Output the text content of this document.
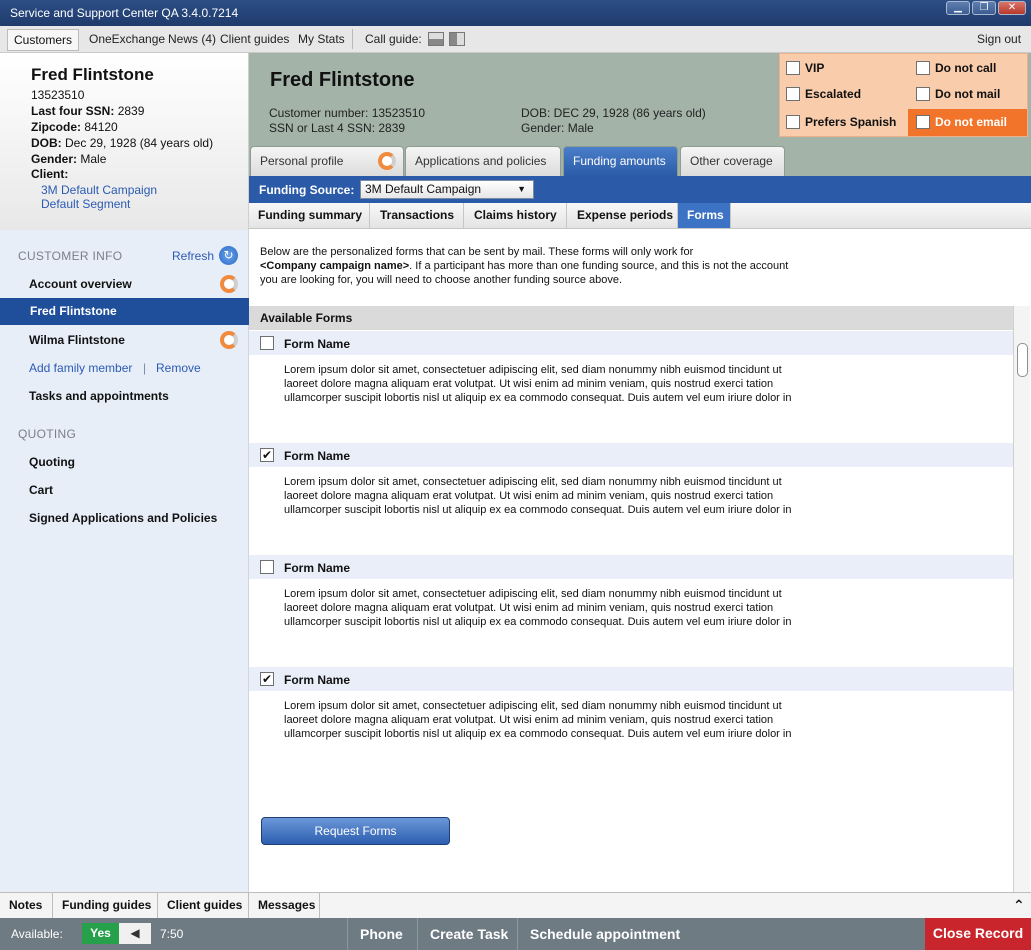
Service and Support Center QA 3.4.0.7214	▁	❐	✕
Customers	OneExchange News (4) Client guides My Stats Call guide:	Sign out
Fred Flintstone
13523510
Last four SSN: 2839
Zipcode: 84120
DOB: Dec 29, 1928 (84 years old)
Gender: Male
Client:
3M Default Campaign
Default Segment
CUSTOMER INFO	Refresh ↻
Account overview
Fred Flintstone
Wilma Flintstone
Add family member | Remove
Tasks and appointments
QUOTING
Quoting
Cart
Signed Applications and Policies
Fred Flintstone
Customer number: 13523510
SSN or Last 4 SSN: 2839
DOB: DEC 29, 1928 (86 years old)
Gender: Male
VIP
Escalated
Prefers Spanish
Do not call
Do not mail
Do not email
Personal profile	Applications and policies	Funding amounts	Other coverage
Funding Source: 3M Default Campaign	▼
Funding summary	Transactions	Claims history	Expense periods	Forms
Below are the personalized forms that can be sent by mail. These forms will only work for
<Company campaign name>. If a participant has more than one funding source, and this is not the account you are looking for, you will need to choose another funding source above.
Available Forms
Form Name
Lorem ipsum dolor sit amet, consectetuer adipiscing elit, sed diam nonummy nibh euismod tincidunt ut laoreet dolore magna aliquam erat volutpat. Ut wisi enim ad minim veniam, quis nostrud exerci tation ullamcorper suscipit lobortis nisl ut aliquip ex ea commodo consequat. Duis autem vel eum iriure dolor in
✔ Form Name
Lorem ipsum dolor sit amet, consectetuer adipiscing elit, sed diam nonummy nibh euismod tincidunt ut laoreet dolore magna aliquam erat volutpat. Ut wisi enim ad minim veniam, quis nostrud exerci tation ullamcorper suscipit lobortis nisl ut aliquip ex ea commodo consequat. Duis autem vel eum iriure dolor in
Form Name
Lorem ipsum dolor sit amet, consectetuer adipiscing elit, sed diam nonummy nibh euismod tincidunt ut laoreet dolore magna aliquam erat volutpat. Ut wisi enim ad minim veniam, quis nostrud exerci tation ullamcorper suscipit lobortis nisl ut aliquip ex ea commodo consequat. Duis autem vel eum iriure dolor in
✔ Form Name
Lorem ipsum dolor sit amet, consectetuer adipiscing elit, sed diam nonummy nibh euismod tincidunt ut laoreet dolore magna aliquam erat volutpat. Ut wisi enim ad minim veniam, quis nostrud exerci tation ullamcorper suscipit lobortis nisl ut aliquip ex ea commodo consequat. Duis autem vel eum iriure dolor in
Request Forms
Notes	Funding guides	Client guides	Messages	⌃
Available:	Yes	◀	7:50	Phone	Create Task	Schedule appointment	Close Record
